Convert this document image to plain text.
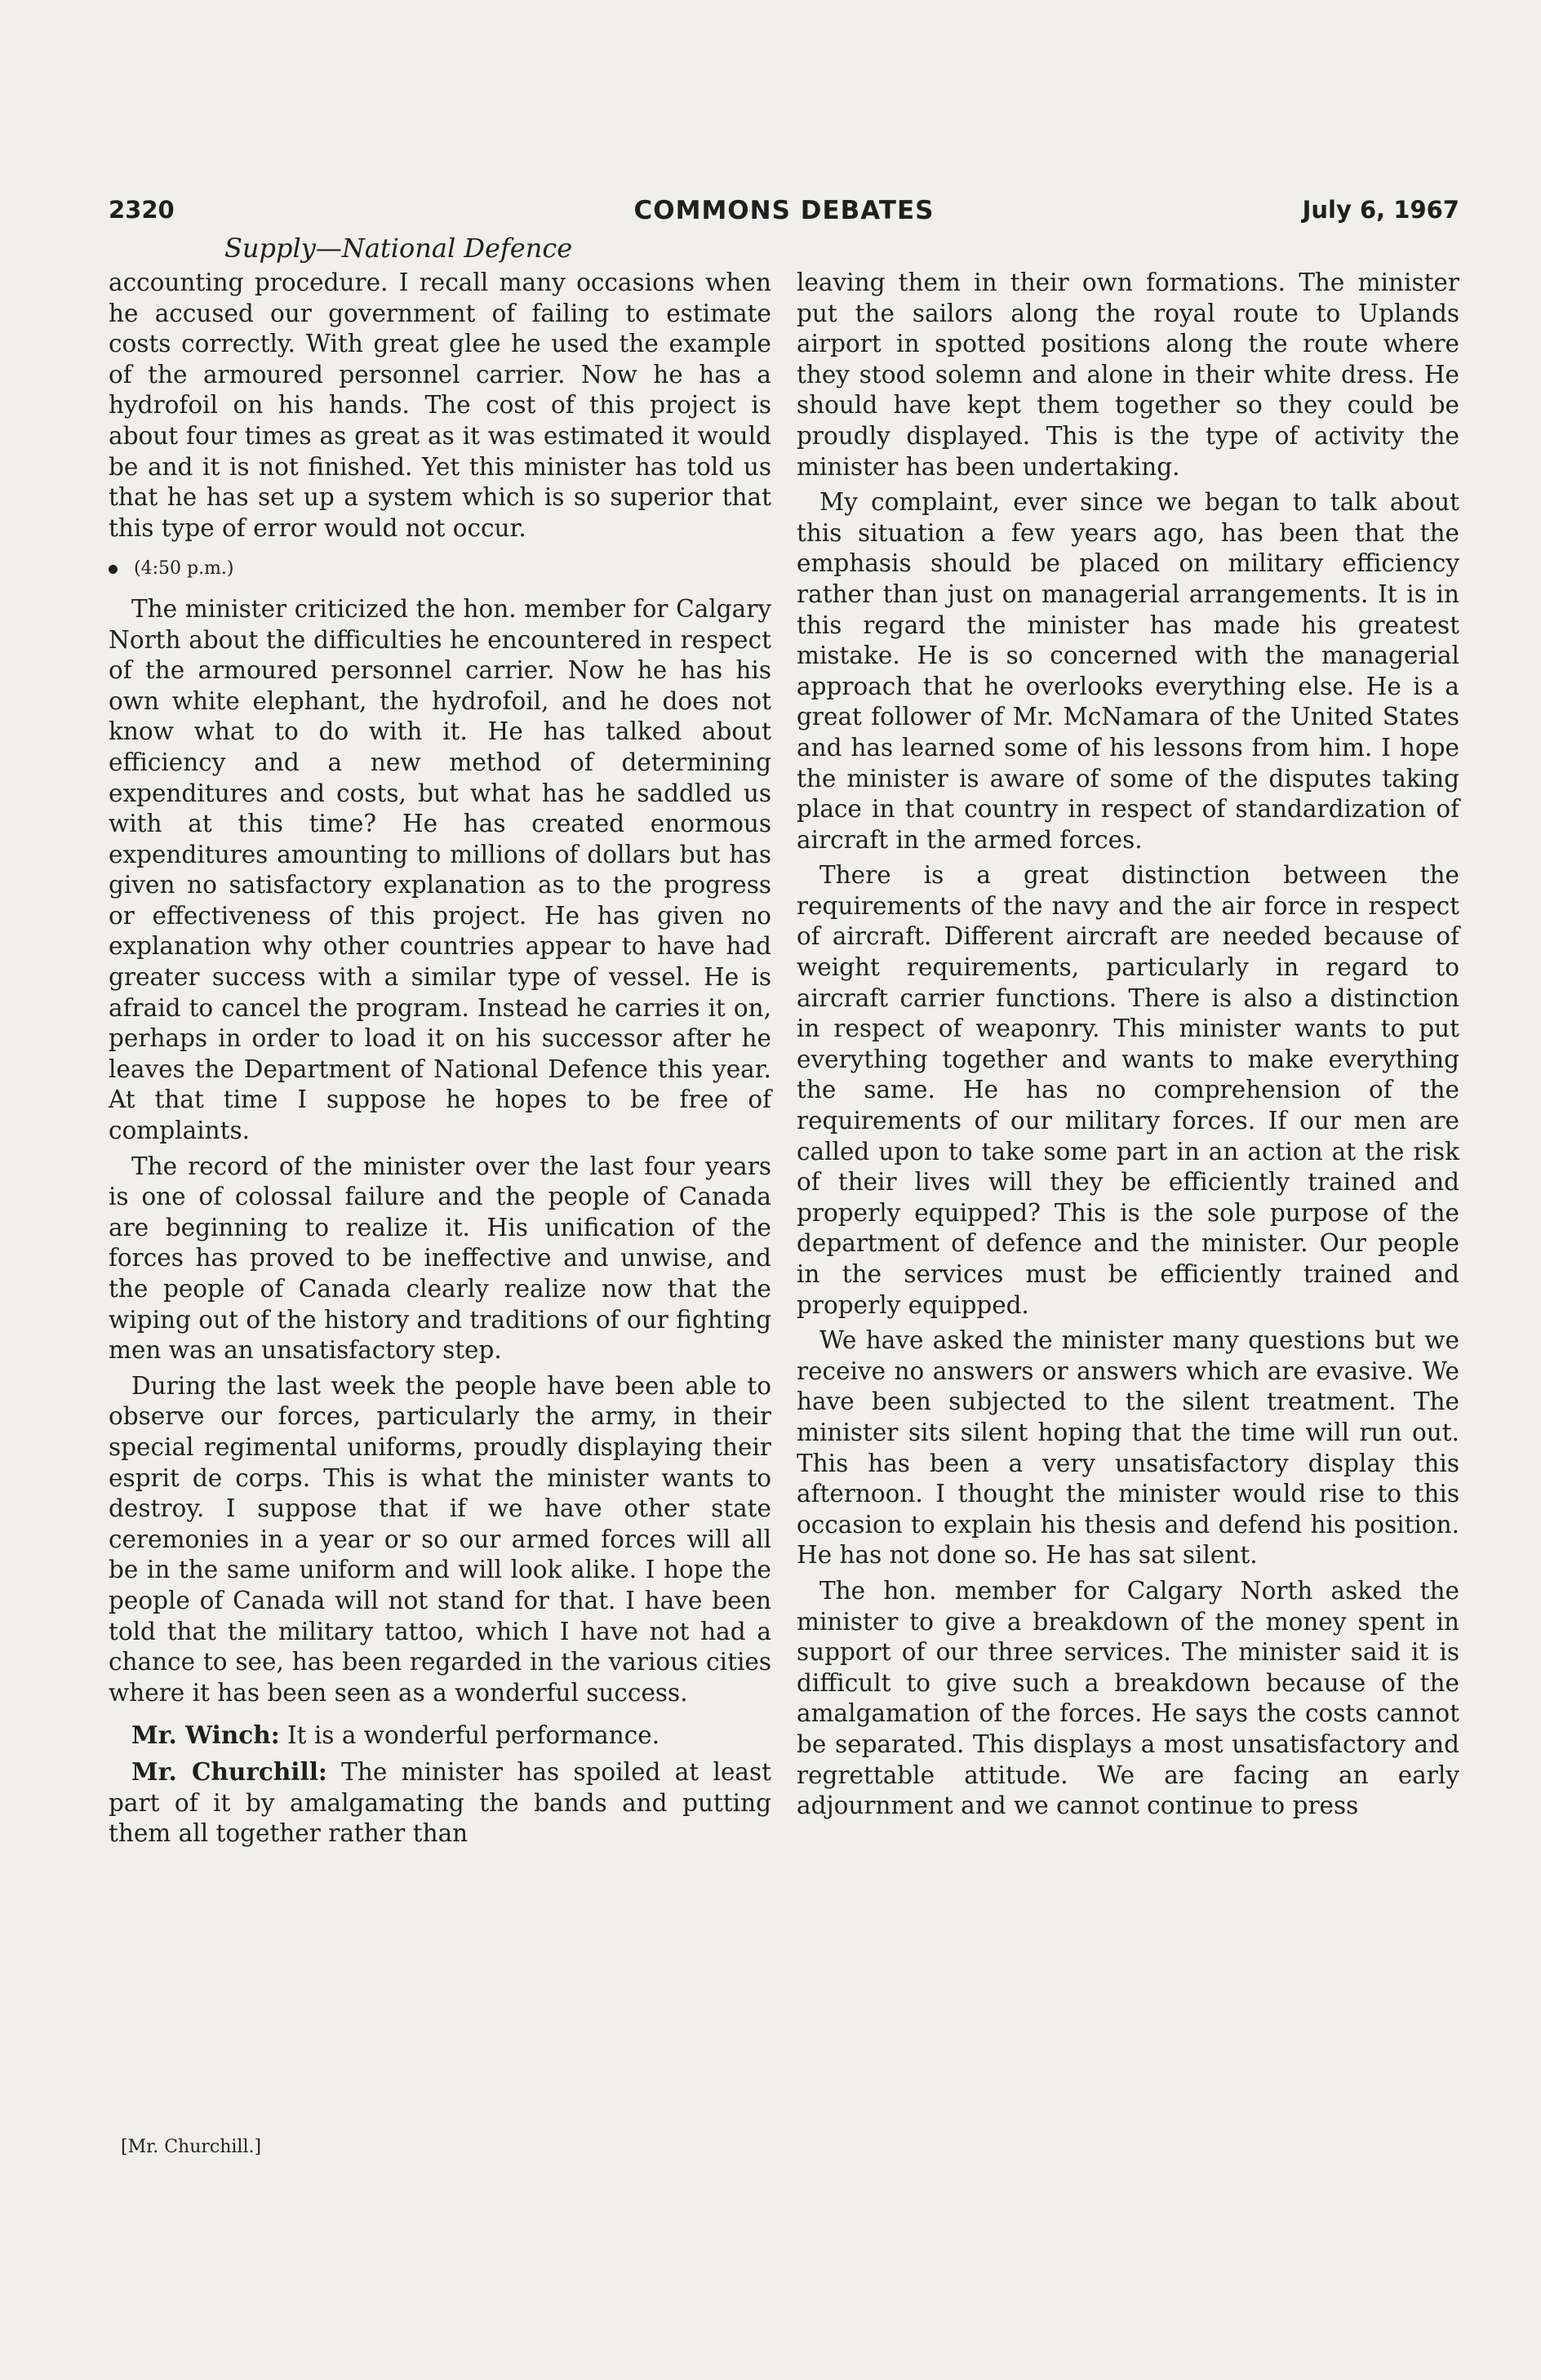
2320	COMMONS DEBATES	July 6, 1967
Supply—National Defence

accounting procedure. I recall many occasions when he accused our government of failing to estimate costs correctly. With great glee he used the example of the armoured personnel carrier. Now he has a hydrofoil on his hands. The cost of this project is about four times as great as it was estimated it would be and it is not finished. Yet this minister has told us that he has set up a system which is so superior that this type of error would not occur.

(4:50 p.m.)

The minister criticized the hon. member for Calgary North about the difficulties he encountered in respect of the armoured personnel carrier. Now he has his own white elephant, the hydrofoil, and he does not know what to do with it. He has talked about efficiency and a new method of determining expenditures and costs, but what has he saddled us with at this time? He has created enormous expenditures amounting to millions of dollars but has given no satisfactory explanation as to the progress or effectiveness of this project. He has given no explanation why other countries appear to have had greater success with a similar type of vessel. He is afraid to cancel the program. Instead he carries it on, perhaps in order to load it on his successor after he leaves the Department of National Defence this year. At that time I suppose he hopes to be free of complaints.

The record of the minister over the last four years is one of colossal failure and the people of Canada are beginning to realize it. His unification of the forces has proved to be ineffective and unwise, and the people of Canada clearly realize now that the wiping out of the history and traditions of our fighting men was an unsatisfactory step.

During the last week the people have been able to observe our forces, particularly the army, in their special regimental uniforms, proudly displaying their esprit de corps. This is what the minister wants to destroy. I suppose that if we have other state ceremonies in a year or so our armed forces will all be in the same uniform and will look alike. I hope the people of Canada will not stand for that. I have been told that the military tattoo, which I have not had a chance to see, has been regarded in the various cities where it has been seen as a wonderful success.

Mr. Winch: It is a wonderful performance.

Mr. Churchill: The minister has spoiled at least part of it by amalgamating the bands and putting them all together rather than

leaving them in their own formations. The minister put the sailors along the royal route to Uplands airport in spotted positions along the route where they stood solemn and alone in their white dress. He should have kept them together so they could be proudly displayed. This is the type of activity the minister has been undertaking.

My complaint, ever since we began to talk about this situation a few years ago, has been that the emphasis should be placed on military efficiency rather than just on managerial arrangements. It is in this regard the minister has made his greatest mistake. He is so concerned with the managerial approach that he overlooks everything else. He is a great follower of Mr. McNamara of the United States and has learned some of his lessons from him. I hope the minister is aware of some of the disputes taking place in that country in respect of standardization of aircraft in the armed forces.

There is a great distinction between the requirements of the navy and the air force in respect of aircraft. Different aircraft are needed because of weight requirements, particularly in regard to aircraft carrier functions. There is also a distinction in respect of weaponry. This minister wants to put everything together and wants to make everything the same. He has no comprehension of the requirements of our military forces. If our men are called upon to take some part in an action at the risk of their lives will they be efficiently trained and properly equipped? This is the sole purpose of the department of defence and the minister. Our people in the services must be efficiently trained and properly equipped.

We have asked the minister many questions but we receive no answers or answers which are evasive. We have been subjected to the silent treatment. The minister sits silent hoping that the time will run out. This has been a very unsatisfactory display this afternoon. I thought the minister would rise to this occasion to explain his thesis and defend his position. He has not done so. He has sat silent.

The hon. member for Calgary North asked the minister to give a breakdown of the money spent in support of our three services. The minister said it is difficult to give such a breakdown because of the amalgamation of the forces. He says the costs cannot be separated. This displays a most unsatisfactory and regrettable attitude. We are facing an early adjournment and we cannot continue to press

[Mr. Churchill.]
